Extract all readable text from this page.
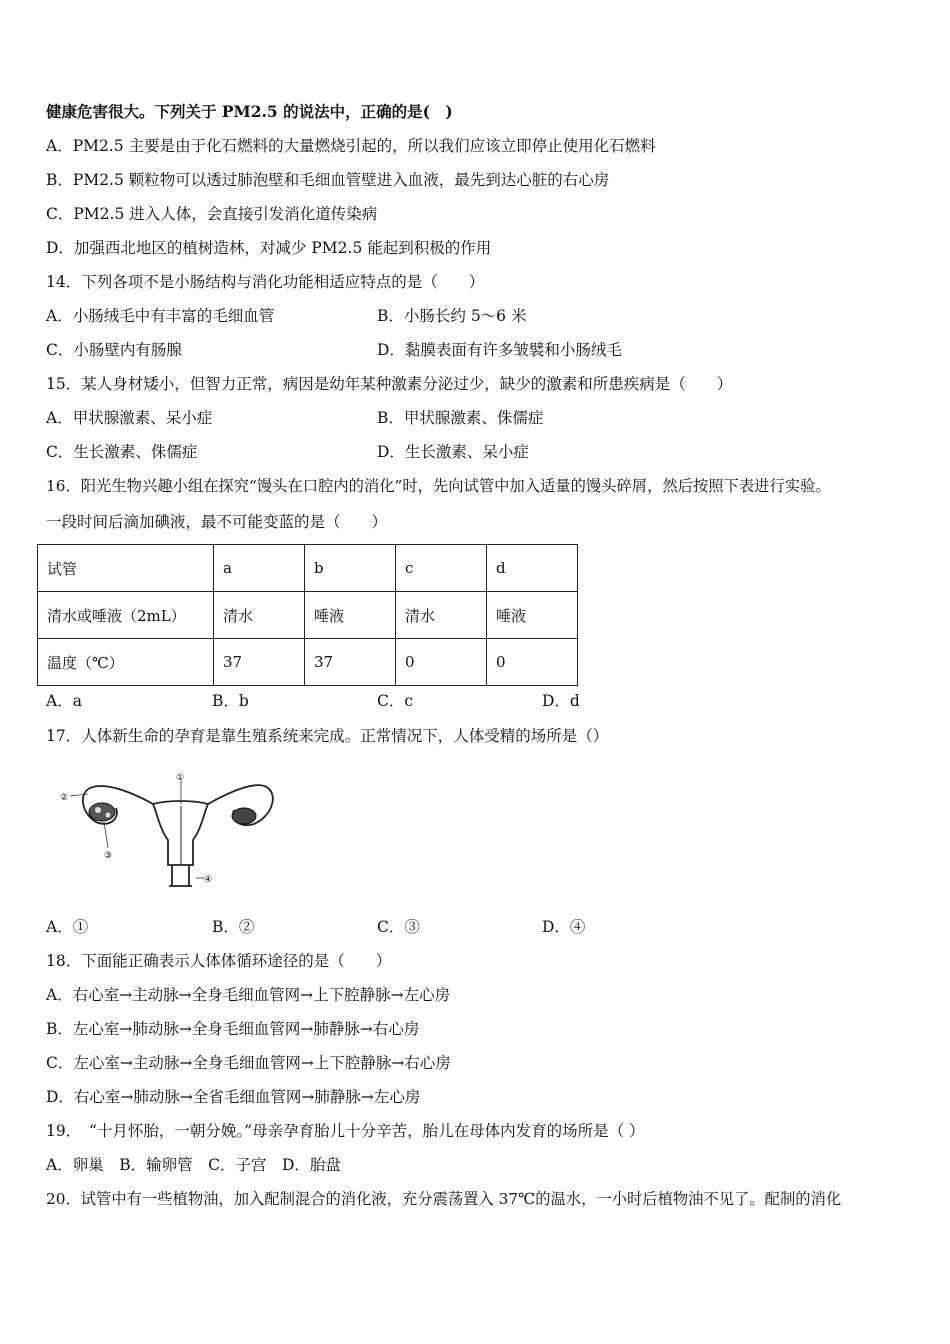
健康危害很大。下列关于 PM2.5 的说法中，正确的是(　)
A．PM2.5 主要是由于化石燃料的大量燃烧引起的，所以我们应该立即停止使用化石燃料
B．PM2.5 颗粒物可以透过肺泡壁和毛细血管壁进入血液，最先到达心脏的右心房
C．PM2.5 进入人体，会直接引发消化道传染病
D．加强西北地区的植树造林，对减少 PM2.5 能起到积极的作用
14．下列各项不是小肠结构与消化功能相适应特点的是（　　）
A．小肠绒毛中有丰富的毛细血管	B．小肠长约 5～6 米
C．小肠壁内有肠腺	D．黏膜表面有许多皱襞和小肠绒毛
15．某人身材矮小，但智力正常，病因是幼年某种激素分泌过少，缺少的激素和所患疾病是（　　）
A．甲状腺激素、呆小症	B．甲状腺激素、侏儒症
C．生长激素、侏儒症	D．生长激素、呆小症
16．阳光生物兴趣小组在探究“馒头在口腔内的消化”时，先向试管中加入适量的馒头碎屑，然后按照下表进行实验。
一段时间后滴加碘液，最不可能变蓝的是（　　）
试管	a	b	c	d
清水或唾液（2mL）	清水	唾液	清水	唾液
温度（℃）	37	37	0	0
A．a	B．b	C．c	D．d
17．人体新生命的孕育是靠生殖系统来完成。正常情况下，人体受精的场所是（）
①
②
③
④
A．①	B．②	C．③	D．④
18．下面能正确表示人体体循环途径的是（　　）
A．右心室→主动脉→全身毛细血管网→上下腔静脉→左心房
B．左心室→肺动脉→全身毛细血管网→肺静脉→右心房
C．左心室→主动脉→全身毛细血管网→上下腔静脉→右心房
D．右心室→肺动脉→全省毛细血管网→肺静脉→左心房
19．　“十月怀胎，一朝分娩。”母亲孕育胎儿十分辛苦，胎儿在母体内发育的场所是（ ）
A．卵巢　B．输卵管　C．子宫　D．胎盘
20．试管中有一些植物油，加入配制混合的消化液，充分震荡置入 37℃的温水，一小时后植物油不见了。配制的消化
